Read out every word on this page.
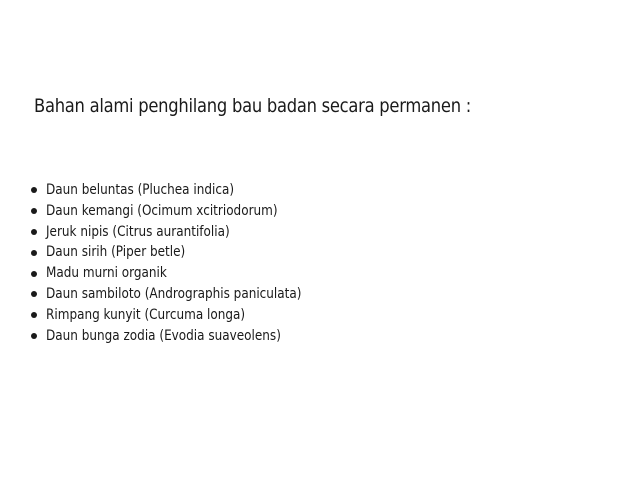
Bahan alami penghilang bau badan secara permanen :
Daun beluntas (Pluchea indica)
Daun kemangi (Ocimum xcitriodorum)
Jeruk nipis (Citrus aurantifolia)
Daun sirih (Piper betle)
Madu murni organik
Daun sambiloto (Andrographis paniculata)
Rimpang kunyit (Curcuma longa)
Daun bunga zodia (Evodia suaveolens)
